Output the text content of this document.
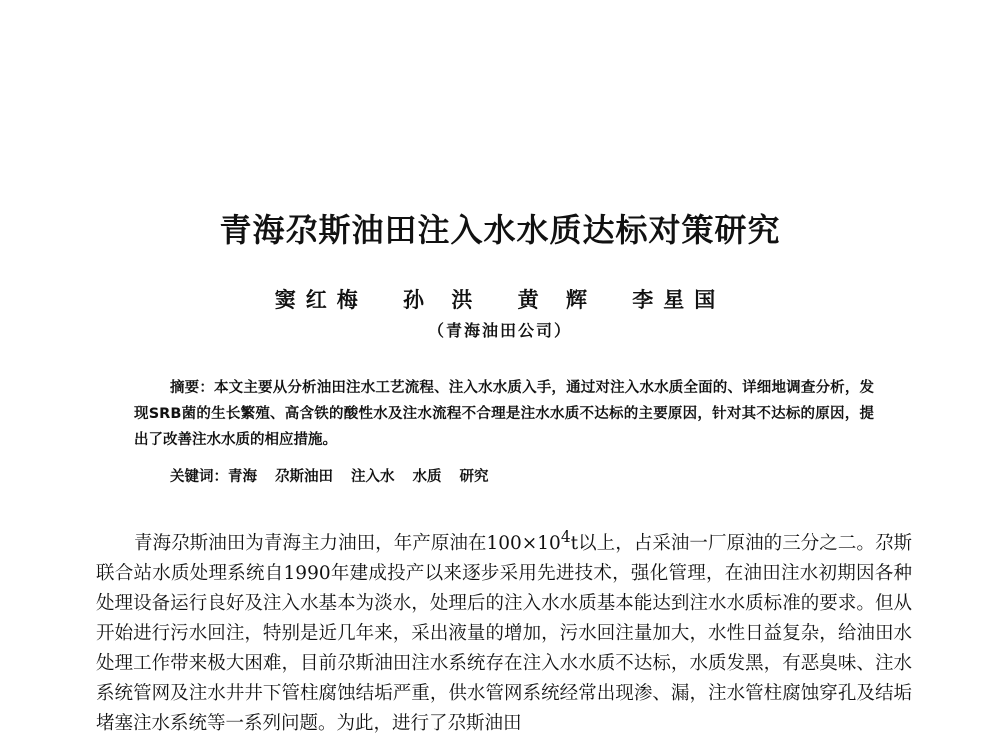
青海尕斯油田注入水水质达标对策研究
窦红梅 孙 洪 黄 辉 李星国
（青海油田公司）
摘要：本文主要从分析油田注水工艺流程、注入水水质入手，通过对注入水水质全面的、详细地调查分析，发现SRB菌的生长繁殖、高含铁的酸性水及注水流程不合理是注水水质不达标的主要原因，针对其不达标的原因，提出了改善注水水质的相应措施。
关键词：青海 尕斯油田 注入水 水质 研究
青海尕斯油田为青海主力油田，年产原油在$100\times 10^4t$以上，占采油一厂原油的三分之二。尕斯联合站水质处理系统自1990年建成投产以来逐步采用先进技术，强化管理，在油田注水初期因各种处理设备运行良好及注入水基本为淡水，处理后的注入水水质基本能达到注水水质标准的要求。但从开始进行污水回注，特别是近几年来，采出液量的增加，污水回注量加大，水性日益复杂，给油田水处理工作带来极大困难，目前尕斯油田注水系统存在注入水水质不达标，水质发黑，有恶臭味、注水系统管网及注水井井下管柱腐蚀结垢严重，供水管网系统经常出现渗、漏，注水管柱腐蚀穿孔及结垢堵塞注水系统等一系列问题。为此，进行了尕斯油田
